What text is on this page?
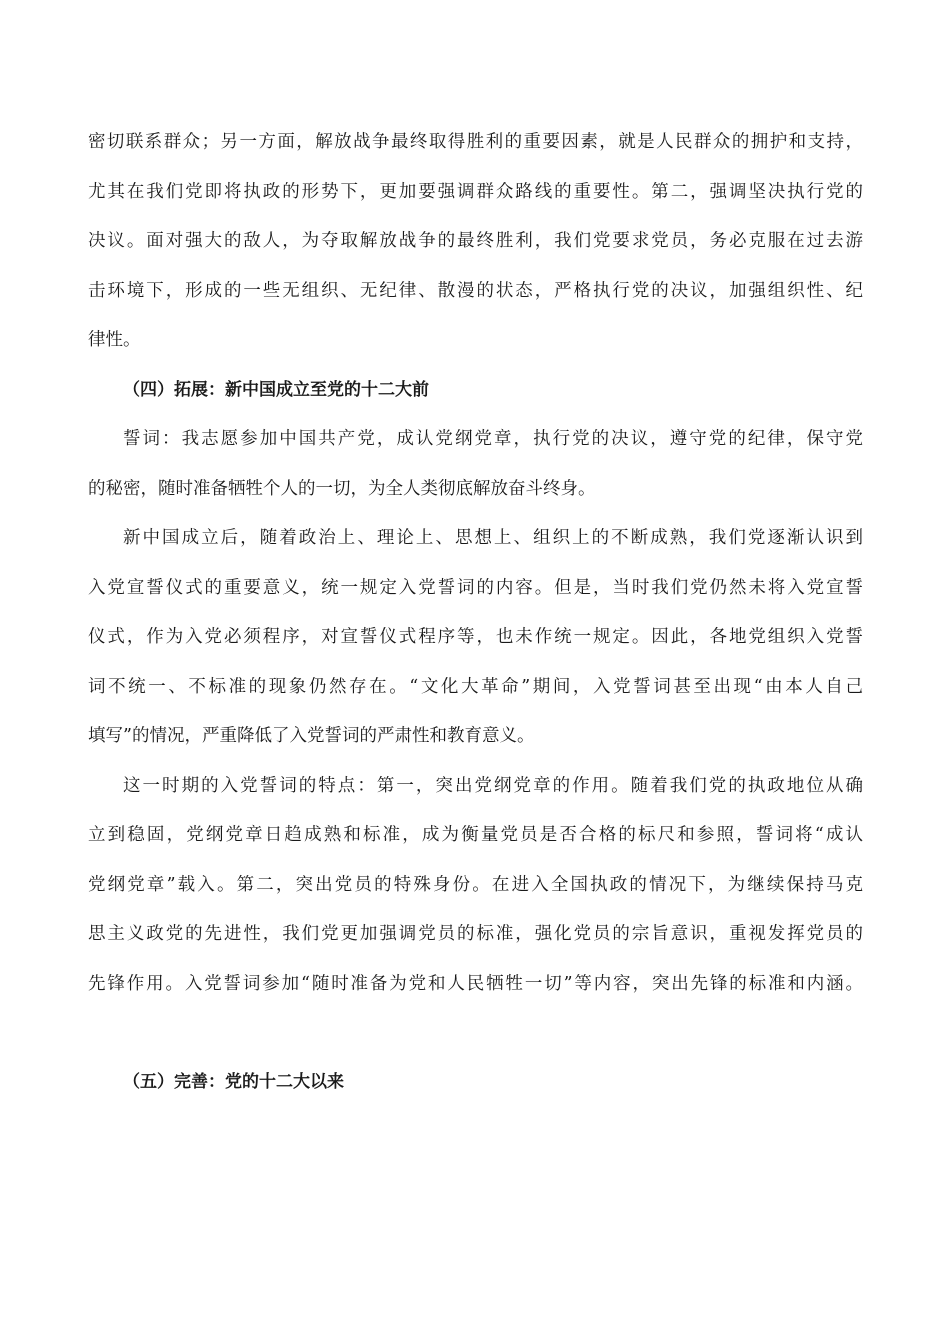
密切联系群众；另一方面，解放战争最终取得胜利的重要因素，就是人民群众的拥护和支持，
尤其在我们党即将执政的形势下，更加要强调群众路线的重要性。第二，强调坚决执行党的
决议。面对强大的敌人，为夺取解放战争的最终胜利，我们党要求党员，务必克服在过去游
击环境下，形成的一些无组织、无纪律、散漫的状态，严格执行党的决议，加强组织性、纪
律性。
（四）拓展：新中国成立至党的十二大前
誓词：我志愿参加中国共产党，成认党纲党章，执行党的决议，遵守党的纪律，保守党
的秘密，随时准备牺牲个人的一切，为全人类彻底解放奋斗终身。
新中国成立后，随着政治上、理论上、思想上、组织上的不断成熟，我们党逐渐认识到
入党宣誓仪式的重要意义，统一规定入党誓词的内容。但是，当时我们党仍然未将入党宣誓
仪式，作为入党必须程序，对宣誓仪式程序等，也未作统一规定。因此，各地党组织入党誓
词不统一、不标准的现象仍然存在。“文化大革命”期间，入党誓词甚至出现“由本人自己
填写”的情况，严重降低了入党誓词的严肃性和教育意义。
这一时期的入党誓词的特点：第一，突出党纲党章的作用。随着我们党的执政地位从确
立到稳固，党纲党章日趋成熟和标准，成为衡量党员是否合格的标尺和参照，誓词将“成认
党纲党章”载入。第二，突出党员的特殊身份。在进入全国执政的情况下，为继续保持马克
思主义政党的先进性，我们党更加强调党员的标准，强化党员的宗旨意识，重视发挥党员的
先锋作用。入党誓词参加“随时准备为党和人民牺牲一切”等内容，突出先锋的标准和内涵。
（五）完善：党的十二大以来
